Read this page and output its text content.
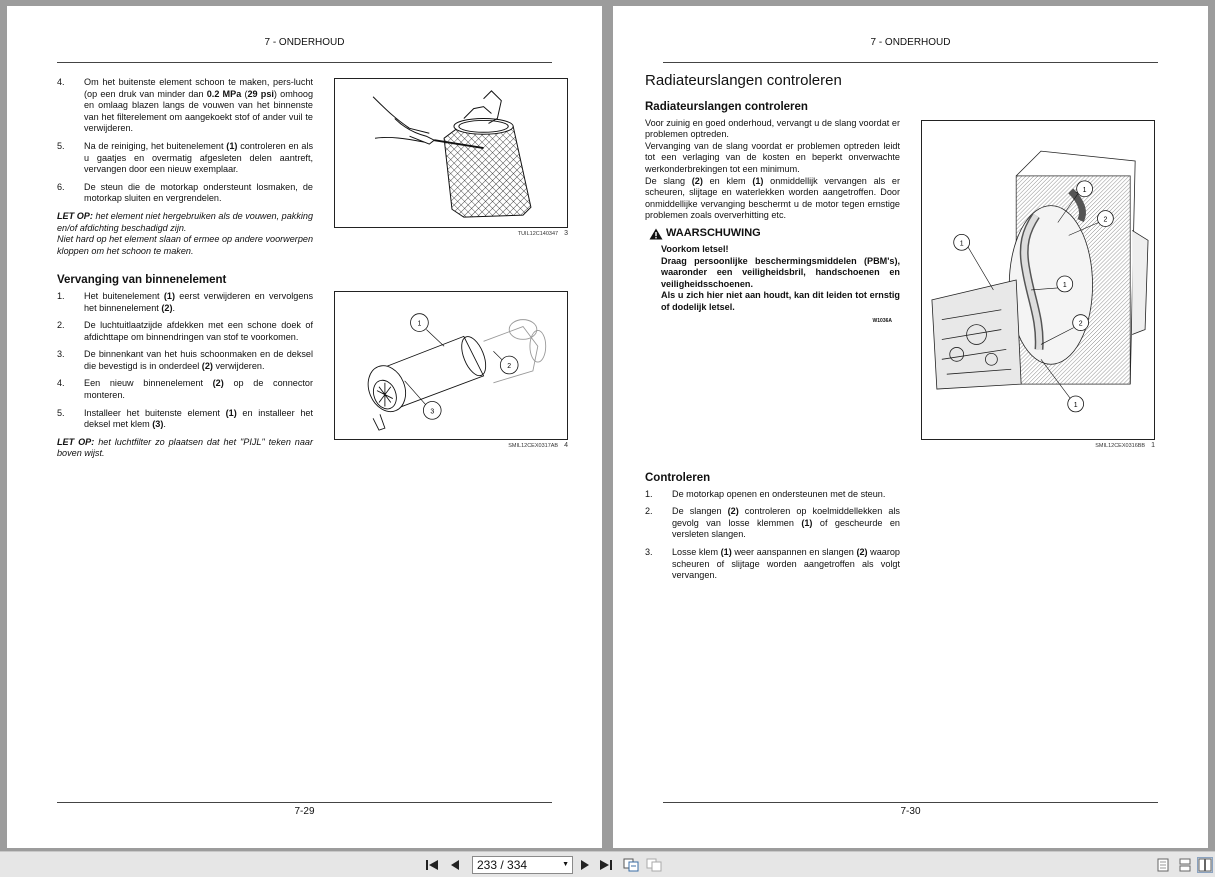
7 - ONDERHOUD
4.	Om het buitenste element schoon te maken, pers-lucht (op een druk van minder dan 0.2 MPa (29 psi) omhoog en omlaag blazen langs de vouwen van het binnenste van het filterelement om aangekoekt stof of ander vuil te verwijderen.
5.	Na de reiniging, het buitenelement (1) controleren en als u gaatjes en overmatig afgesleten delen aantreft, vervangen door een nieuw exemplaar.
6.	De steun die de motorkap ondersteunt losmaken, de motorkap sluiten en vergrendelen.

LET OP: het element niet hergebruiken als de vouwen, pakking en/of afdichting beschadigd zijn.
Niet hard op het element slaan of ermee op andere voorwerpen kloppen om het schoon te maken.

Vervanging van binnenelement
1.	Het buitenelement (1) eerst verwijderen en vervolgens het binnenelement (2).
2.	De luchtuitlaatzijde afdekken met een schone doek of afdichttape om binnendringen van stof te voorkomen.
3.	De binnenkant van het huis schoonmaken en de deksel die bevestigd is in onderdeel (2) verwijderen.
4.	Een nieuw binnenelement (2) op de connector monteren.
5.	Installeer het buitenste element (1) en installeer het deksel met klem (3).

LET OP: het luchtfilter zo plaatsen dat het "PIJL" teken naar boven wijst.

TUIL12C140347 3
1
2
3
SMIL12CEX0317AB 4
7-29
7 - ONDERHOUD
Radiateurslangen controleren
Radiateurslangen controleren

Voor zuinig en goed onderhoud, vervangt u de slang voordat er problemen optreden.

Vervanging van de slang voordat er problemen optreden leidt tot een verlaging van de kosten en beperkt onverwachte werkonderbrekingen tot een minimum.

De slang (2) en klem (1) onmiddellijk vervangen als er scheuren, slijtage en waterlekken worden aangetroffen. Door onmiddellijke vervanging beschermt u de motor tegen ernstige problemen zoals oververhitting etc.

WAARSCHUWING
Voorkom letsel!
Draag persoonlijke beschermingsmiddelen (PBM's), waaronder een veiligheidsbril, handschoenen en veiligheidsschoenen.
Als u zich hier niet aan houdt, kan dit leiden tot ernstig of dodelijk letsel.
W1036A
Controleren
1.	De motorkap openen en ondersteunen met de steun.
2.	De slangen (2) controleren op koelmiddellekken als gevolg van losse klemmen (1) of gescheurde en versleten slangen.
3.	Losse klem (1) weer aanspannen en slangen (2) waarop scheuren of slijtage worden aangetroffen als volgt vervangen.
1
2
1
1
2
1
SMIL12CEX0316BB 1
7-30
233 / 334	▼
